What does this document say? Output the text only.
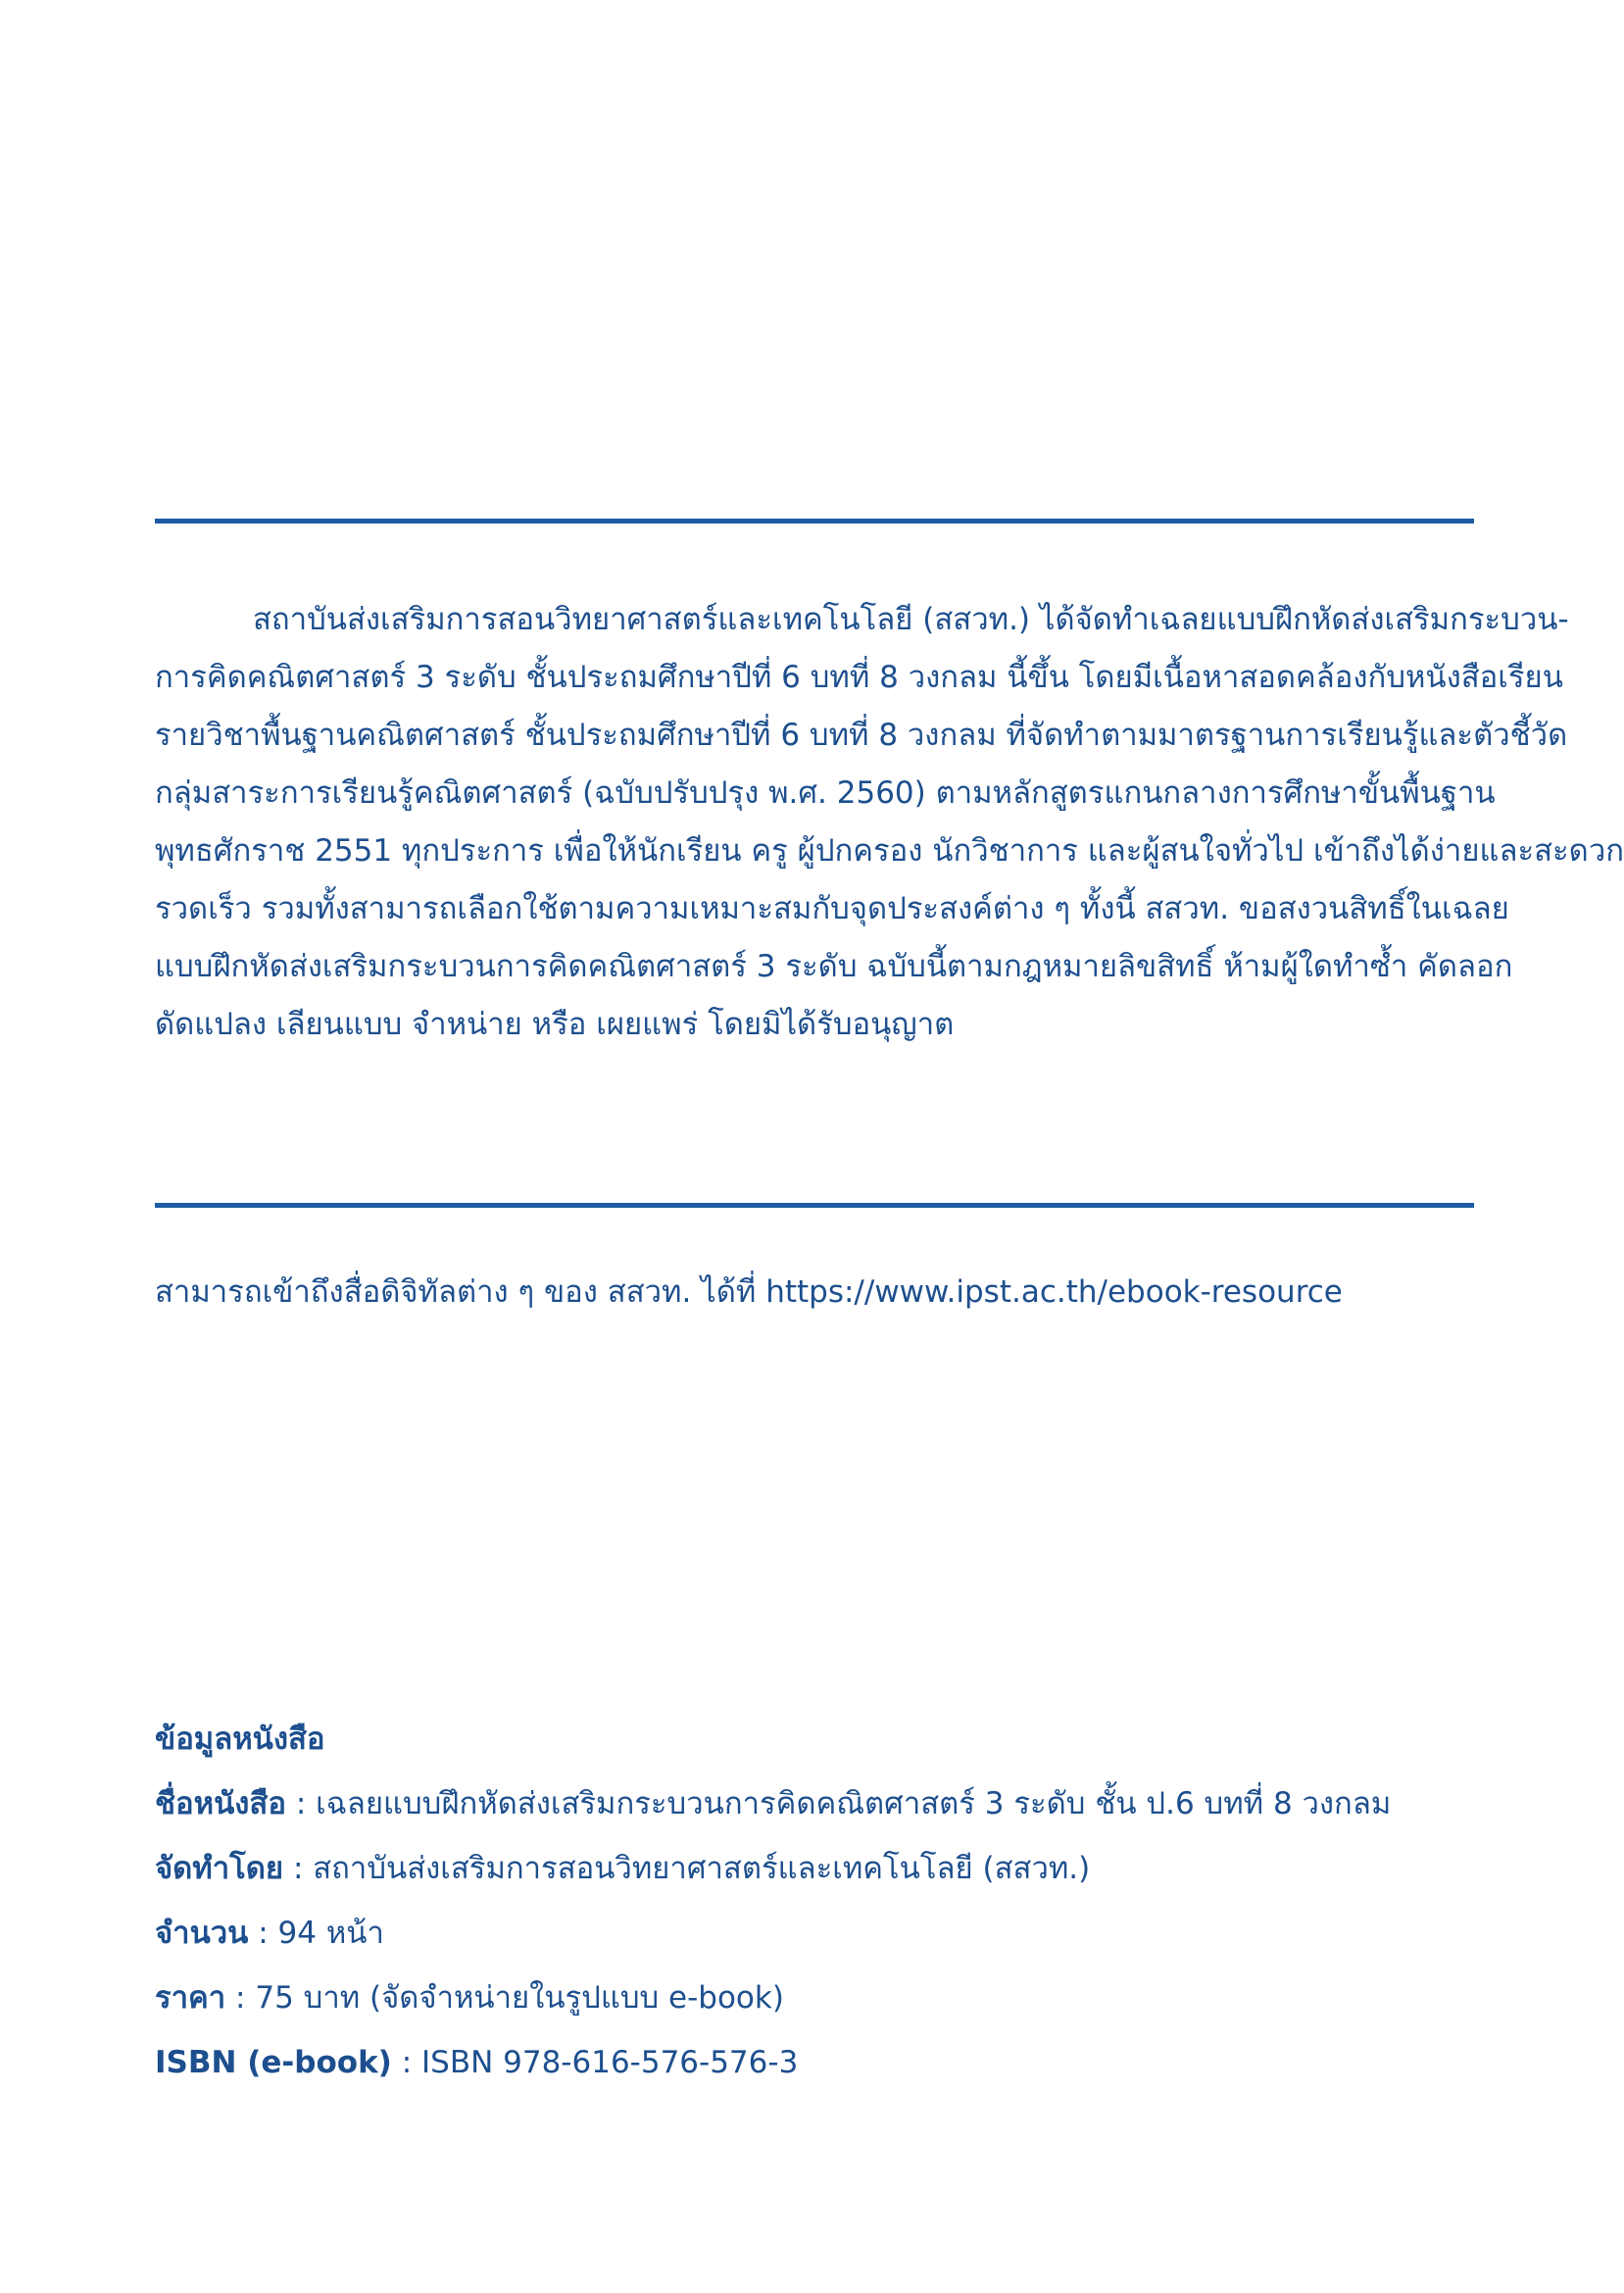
สถาบันส่งเสริมการสอนวิทยาศาสตร์และเทคโนโลยี (สสวท.) ได้จัดทำเฉลยแบบฝึกหัดส่งเสริมกระบวน-
การคิดคณิตศาสตร์ 3 ระดับ ชั้นประถมศึกษาปีที่ 6 บทที่ 8 วงกลม นี้ขึ้น โดยมีเนื้อหาสอดคล้องกับหนังสือเรียน
รายวิชาพื้นฐานคณิตศาสตร์ ชั้นประถมศึกษาปีที่ 6 บทที่ 8 วงกลม ที่จัดทำตามมาตรฐานการเรียนรู้และตัวชี้วัด
กลุ่มสาระการเรียนรู้คณิตศาสตร์ (ฉบับปรับปรุง พ.ศ. 2560) ตามหลักสูตรแกนกลางการศึกษาขั้นพื้นฐาน
พุทธศักราช 2551 ทุกประการ เพื่อให้นักเรียน ครู ผู้ปกครอง นักวิชาการ และผู้สนใจทั่วไป เข้าถึงได้ง่ายและสะดวก
รวดเร็ว รวมทั้งสามารถเลือกใช้ตามความเหมาะสมกับจุดประสงค์ต่าง ๆ ทั้งนี้ สสวท. ขอสงวนสิทธิ์ในเฉลย
แบบฝึกหัดส่งเสริมกระบวนการคิดคณิตศาสตร์ 3 ระดับ ฉบับนี้ตามกฎหมายลิขสิทธิ์ ห้ามผู้ใดทำซ้ำ คัดลอก
ดัดแปลง เลียนแบบ จำหน่าย หรือ เผยแพร่ โดยมิได้รับอนุญาต
สามารถเข้าถึงสื่อดิจิทัลต่าง ๆ ของ สสวท. ได้ที่ https://www.ipst.ac.th/ebook-resource
ข้อมูลหนังสือ
ชื่อหนังสือ : เฉลยแบบฝึกหัดส่งเสริมกระบวนการคิดคณิตศาสตร์ 3 ระดับ ชั้น ป.6 บทที่ 8 วงกลม
จัดทำโดย : สถาบันส่งเสริมการสอนวิทยาศาสตร์และเทคโนโลยี (สสวท.)
จำนวน : 94 หน้า
ราคา : 75 บาท (จัดจำหน่ายในรูปแบบ e-book)
ISBN (e-book) : ISBN 978-616-576-576-3
